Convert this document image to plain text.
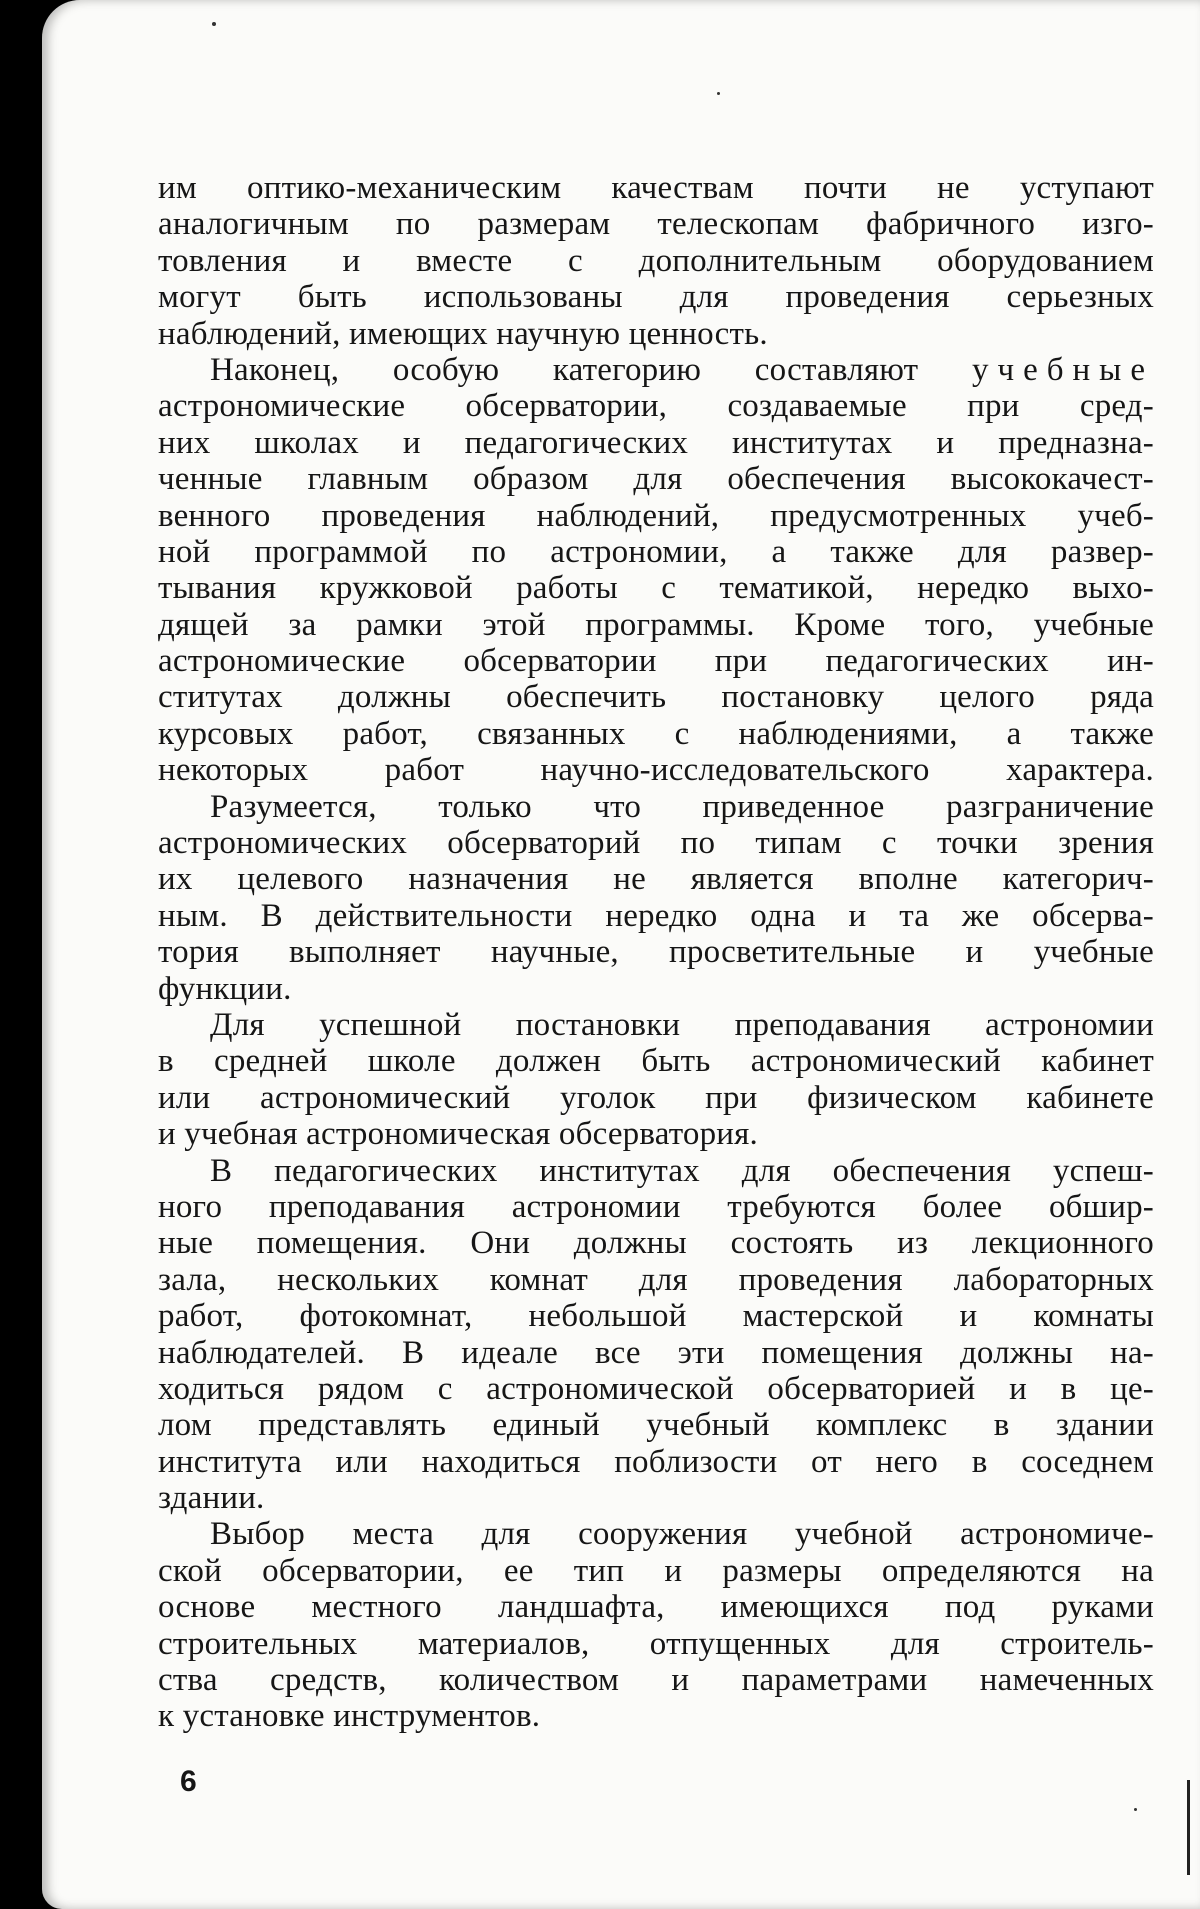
им оптико-механическим качествам почти не уступают
аналогичным по размерам телескопам фабричного изго-
товления и вместе с дополнительным оборудованием
могут быть использованы для проведения серьезных
наблюдений, имеющих научную ценность.
Наконец, особую категорию составляют учебные
астрономические обсерватории, создаваемые при сред-
них школах и педагогических институтах и предназна-
ченные главным образом для обеспечения высококачест-
венного проведения наблюдений, предусмотренных учеб-
ной программой по астрономии, а также для развер-
тывания кружковой работы с тематикой, нередко выхо-
дящей за рамки этой программы. Кроме того, учебные
астрономические обсерватории при педагогических ин-
ститутах должны обеспечить постановку целого ряда
курсовых работ, связанных с наблюдениями, а также
некоторых работ научно-исследовательского характера.
Разумеется, только что приведенное разграничение
астрономических обсерваторий по типам с точки зрения
их целевого назначения не является вполне категорич-
ным. В действительности нередко одна и та же обсерва-
тория выполняет научные, просветительные и учебные
функции.
Для успешной постановки преподавания астрономии
в средней школе должен быть астрономический кабинет
или астрономический уголок при физическом кабинете
и учебная астрономическая обсерватория.
В педагогических институтах для обеспечения успеш-
ного преподавания астрономии требуются более обшир-
ные помещения. Они должны состоять из лекционного
зала, нескольких комнат для проведения лабораторных
работ, фотокомнат, небольшой мастерской и комнаты
наблюдателей. В идеале все эти помещения должны на-
ходиться рядом с астрономической обсерваторией и в це-
лом представлять единый учебный комплекс в здании
института или находиться поблизости от него в соседнем
здании.
Выбор места для сооружения учебной астрономиче-
ской обсерватории, ее тип и размеры определяются на
основе местного ландшафта, имеющихся под руками
строительных материалов, отпущенных для строитель-
ства средств, количеством и параметрами намеченных
к установке инструментов.
6
